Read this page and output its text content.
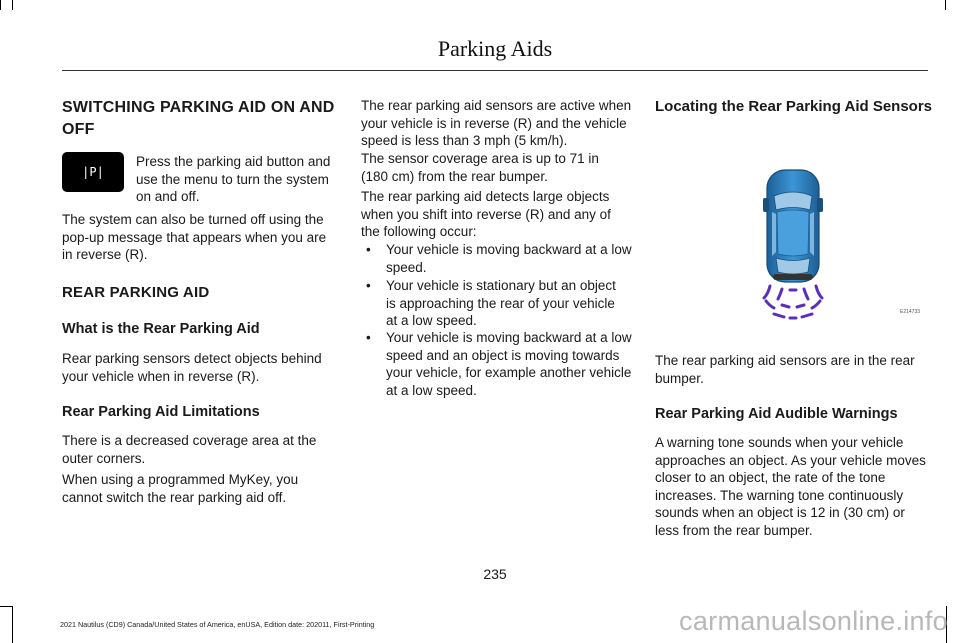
Parking Aids
SWITCHING PARKING AID ON AND OFF
|P|
Press the parking aid button and use the menu to turn the system on and off.
The system can also be turned off using the pop-up message that appears when you are in reverse (R).
REAR PARKING AID
What is the Rear Parking Aid
Rear parking sensors detect objects behind your vehicle when in reverse (R).
Rear Parking Aid Limitations
There is a decreased coverage area at the outer corners.
When using a programmed MyKey, you cannot switch the rear parking aid off.
The rear parking aid sensors are active when your vehicle is in reverse (R) and the vehicle speed is less than 3 mph (5 km/h).
The sensor coverage area is up to 71 in (180 cm) from the rear bumper.
The rear parking aid detects large objects when you shift into reverse (R) and any of the following occur:
• Your vehicle is moving backward at a low speed.
• Your vehicle is stationary but an object is approaching the rear of your vehicle at a low speed.
• Your vehicle is moving backward at a low speed and an object is moving towards your vehicle, for example another vehicle at a low speed.
Locating the Rear Parking Aid Sensors
E214733
The rear parking aid sensors are in the rear bumper.
Rear Parking Aid Audible Warnings
A warning tone sounds when your vehicle approaches an object. As your vehicle moves closer to an object, the rate of the tone increases. The warning tone continuously sounds when an object is 12 in (30 cm) or less from the rear bumper.
235
2021 Nautilus (CD9) Canada/United States of America, enUSA, Edition date: 202011, First-Printing	carmanualsonline.info
